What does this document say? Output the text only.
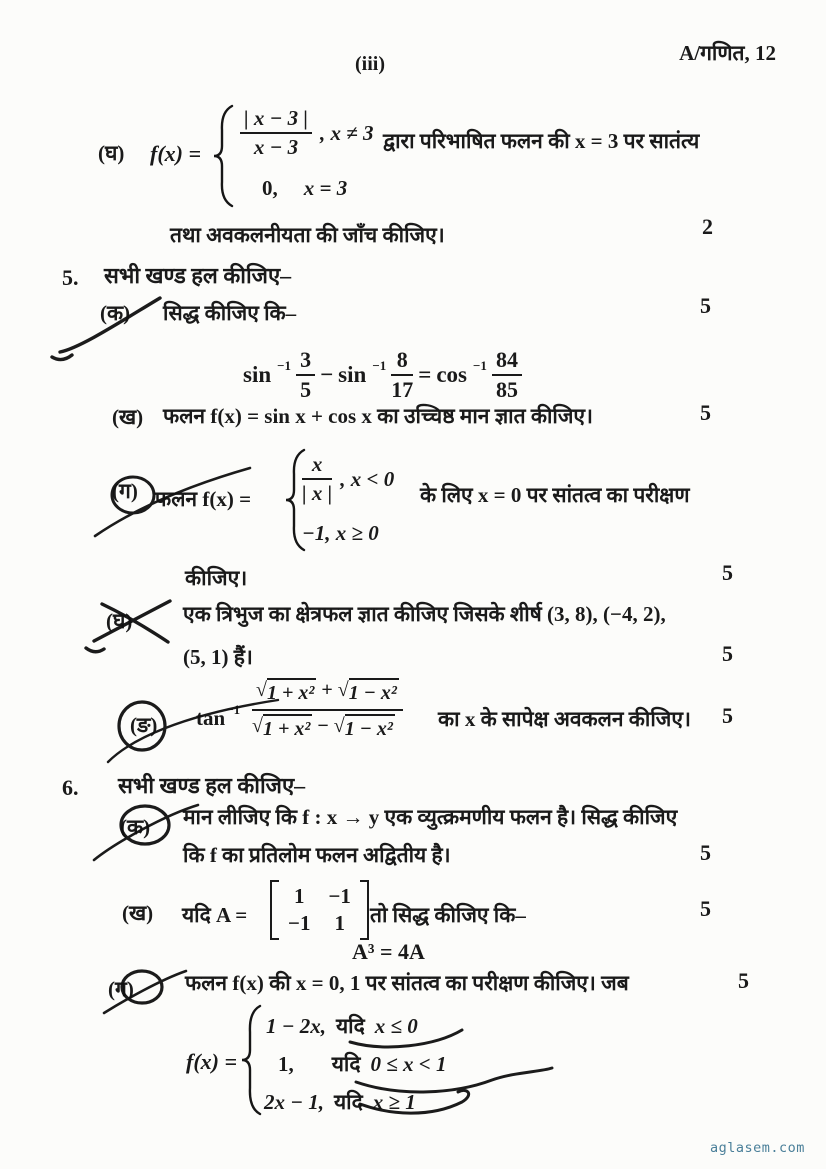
(iii)	A/गणित, 12
(घ) $f(x) = \frac{| x - 3 |}{x - 3}$ , x ≠ 3
0, x = 3
द्वारा परिभाषित फलन की x = 3 पर सातंत्य
तथा अवकलनीयता की जाँच कीजिए।	2
5. सभी खण्ड हल कीजिए–
(क) सिद्ध कीजिए कि–	5
$\sin -1 \frac{3}{5} - \sin -1 \frac{8}{17} = \cos -1 \frac{84}{85}$
(ख) फलन f(x) = sin x + cos x का उच्चिष्ठ मान ज्ञात कीजिए।	5
(ग) फलन $f(x) = \frac{x}{| x |}$ , x < 0
−1, x ≥ 0
के लिए x = 0 पर सांतत्व का परीक्षण
कीजिए।	5
(घ) एक त्रिभुज का क्षेत्रफल ज्ञात कीजिए जिसके शीर्ष (3, 8), (−4, 2),
(5, 1) हैं।	5
(ङ) $\tan -1 \frac{\text{√ 1 + x² + √ 1 − x²}}{\text{√ 1 + x² − √ 1 − x²}}$ का x के सापेक्ष अवकलन कीजिए। 5
6. सभी खण्ड हल कीजिए–
(क) मान लीजिए कि f : x → y एक व्युत्क्रमणीय फलन है। सिद्ध कीजिए
कि f का प्रतिलोम फलन अद्वितीय है।	5
(ख) यदि A =
1 −1
−1 1 तो सिद्ध कीजिए कि–	5
A³ = 4A
(ग) फलन f(x) की x = 0, 1 पर सांतत्व का परीक्षण कीजिए। जब	5
f(x) =
1 − 2x, यदि x ≤ 0
1, यदि 0 ≤ x < 1
2x − 1, यदि x ≥ 1
aglasem.com
